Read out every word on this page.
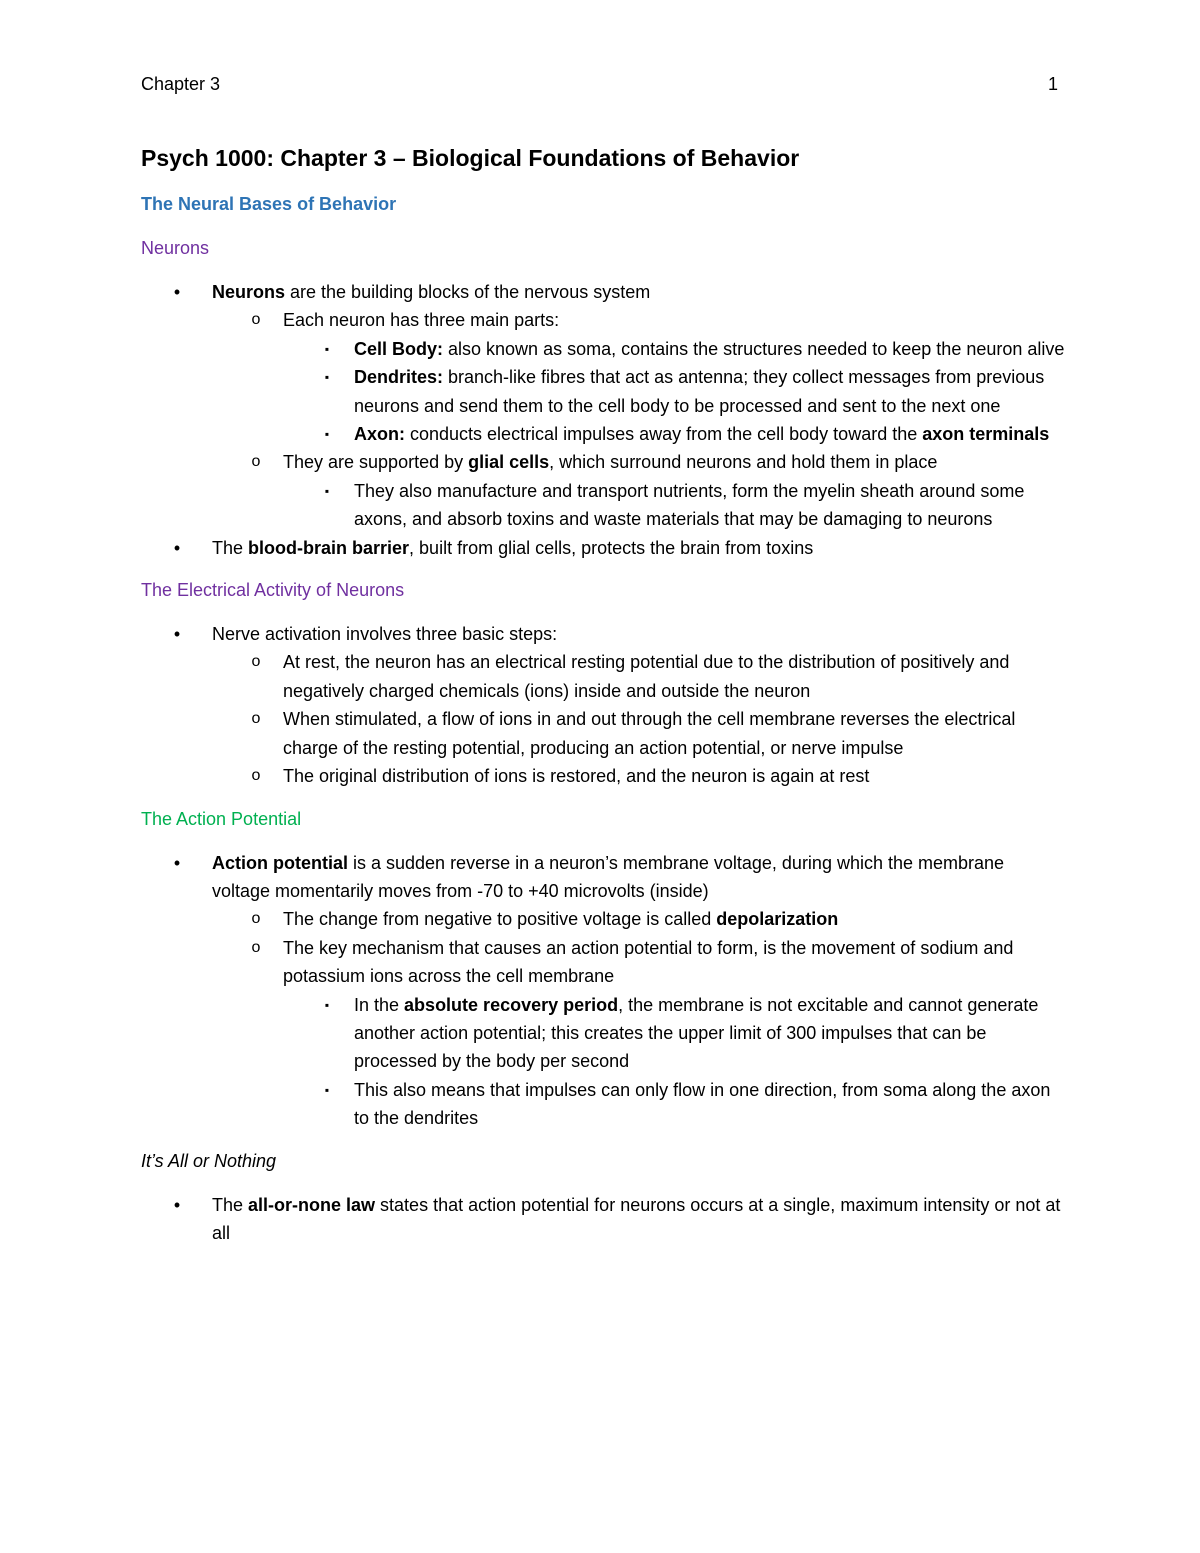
Chapter 3	1
Psych 1000: Chapter 3 – Biological Foundations of Behavior
The Neural Bases of Behavior
Neurons
•	Neurons are the building blocks of the nervous system
o	Each neuron has three main parts:
▪	Cell Body: also known as soma, contains the structures needed to keep the neuron alive
▪	Dendrites: branch-like fibres that act as antenna; they collect messages from previous neurons and send them to the cell body to be processed and sent to the next one
▪	Axon: conducts electrical impulses away from the cell body toward the axon terminals
o	They are supported by glial cells, which surround neurons and hold them in place
▪	They also manufacture and transport nutrients, form the myelin sheath around some axons, and absorb toxins and waste materials that may be damaging to neurons
•	The blood-brain barrier, built from glial cells, protects the brain from toxins
The Electrical Activity of Neurons
•	Nerve activation involves three basic steps:
o	At rest, the neuron has an electrical resting potential due to the distribution of positively and negatively charged chemicals (ions) inside and outside the neuron
o	When stimulated, a flow of ions in and out through the cell membrane reverses the electrical charge of the resting potential, producing an action potential, or nerve impulse
o	The original distribution of ions is restored, and the neuron is again at rest
The Action Potential
•	Action potential is a sudden reverse in a neuron’s membrane voltage, during which the membrane voltage momentarily moves from -70 to +40 microvolts (inside)
o	The change from negative to positive voltage is called depolarization
o	The key mechanism that causes an action potential to form, is the movement of sodium and potassium ions across the cell membrane
▪	In the absolute recovery period, the membrane is not excitable and cannot generate another action potential; this creates the upper limit of 300 impulses that can be processed by the body per second
▪	This also means that impulses can only flow in one direction, from soma along the axon to the dendrites
It’s All or Nothing
•	The all-or-none law states that action potential for neurons occurs at a single, maximum intensity or not at all
